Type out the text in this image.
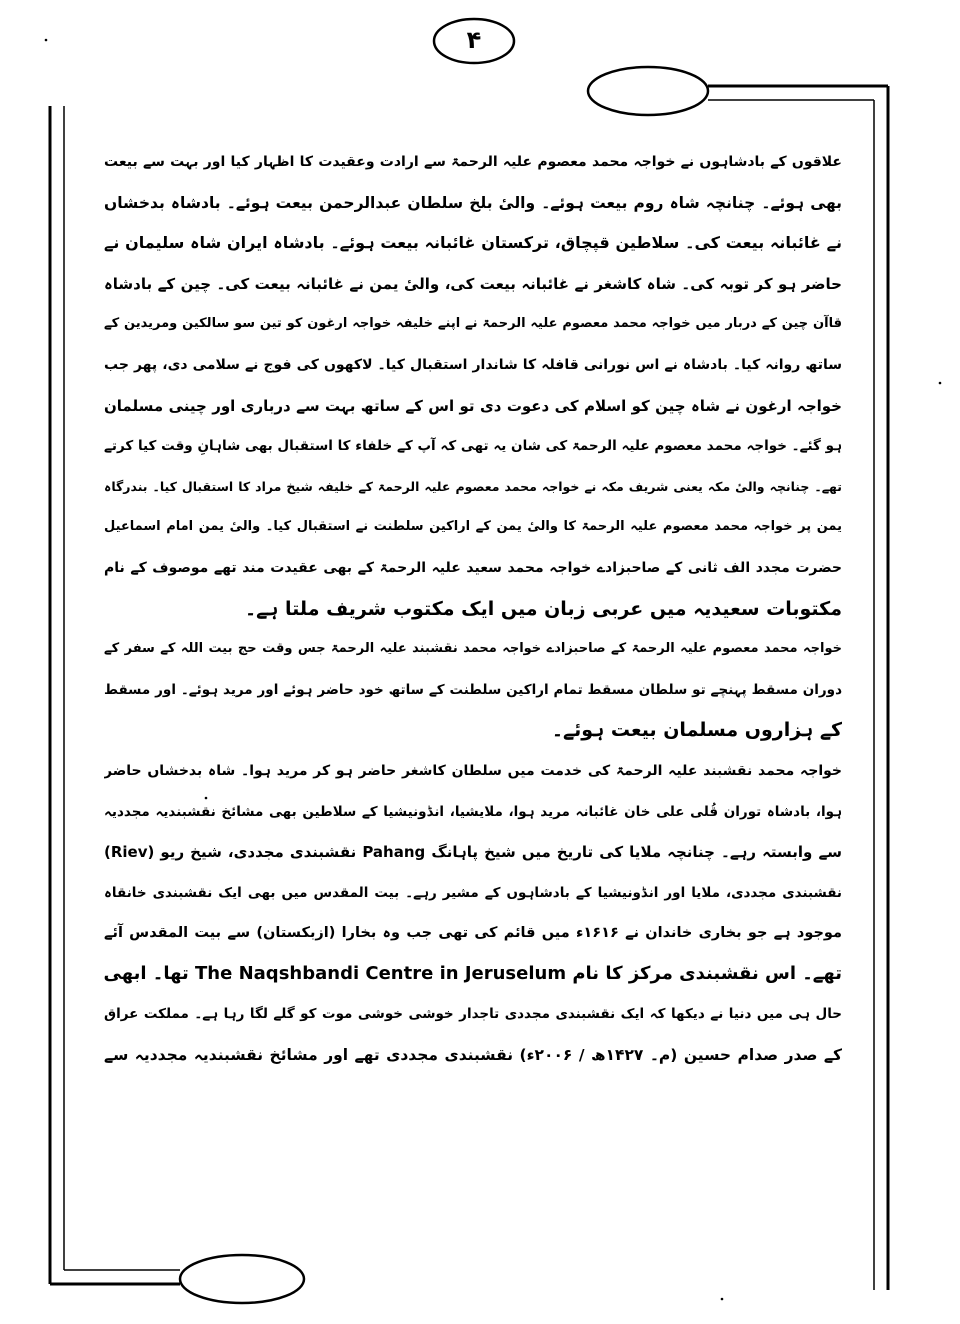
۴
علاقوں کے بادشاہوں نے خواجہ محمد معصوم علیہ الرحمۃ سے ارادت وعقیدت کا اظہار کیا اور بہت سے بیعت
بھی ہوئے۔ چنانچہ شاہ روم بیعت ہوئے۔ والیٔ بلخ سلطان عبدالرحمن بیعت ہوئے۔ بادشاہ بدخشاں
نے غائبانہ بیعت کی۔ سلاطین قپچاق، ترکستان غائبانہ بیعت ہوئے۔ بادشاہ ایران شاہ سلیمان نے
حاضر ہو کر توبہ کی۔ شاہ کاشغر نے غائبانہ بیعت کی، والیٔ یمن نے غائبانہ بیعت کی۔ چین کے بادشاہ
قاآن چین کے دربار میں خواجہ محمد معصوم علیہ الرحمۃ نے اپنے خلیفہ خواجہ ارغون کو تین سو سالکین ومریدین کے
ساتھ روانہ کیا۔ بادشاہ نے اس نورانی قافلہ کا شاندار استقبال کیا۔ لاکھوں کی فوج نے سلامی دی، پھر جب
خواجہ ارغون نے شاہ چین کو اسلام کی دعوت دی تو اس کے ساتھ بہت سے درباری اور چینی مسلمان
ہو گئے۔ خواجہ محمد معصوم علیہ الرحمۃ کی شان یہ تھی کہ آپ کے خلفاء کا استقبال بھی شاہانِ وقت کیا کرتے
تھے۔ چنانچہ والیٔ مکہ یعنی شریف مکہ نے خواجہ محمد معصوم علیہ الرحمۃ کے خلیفہ شیخ مراد کا استقبال کیا۔ بندرگاہ
یمن پر خواجہ محمد معصوم علیہ الرحمۃ کا والیٔ یمن کے اراکین سلطنت نے استقبال کیا۔ والیٔ یمن امام اسماعیل
حضرت مجدد الف ثانی کے صاحبزادے خواجہ محمد سعید علیہ الرحمۃ کے بھی عقیدت مند تھے موصوف کے نام
مکتوبات سعیدیہ میں عربی زبان میں ایک مکتوب شریف ملتا ہے۔
خواجہ محمد معصوم علیہ الرحمۃ کے صاحبزادے خواجہ محمد نقشبند علیہ الرحمۃ جس وقت حج بیت اللہ کے سفر کے
دوران مسقط پہنچے تو سلطان مسقط تمام اراکین سلطنت کے ساتھ خود حاضر ہوئے اور مرید ہوئے۔ اور مسقط
کے ہزاروں مسلمان بیعت ہوئے۔
خواجہ محمد نقشبند علیہ الرحمۃ کی خدمت میں سلطان کاشغر حاضر ہو کر مرید ہوا۔ شاہ بدخشاں حاضر
ہوا، بادشاہ توران قُلی علی خان غائبانہ مرید ہوا، ملایشیا، انڈونیشیا کے سلاطین بھی مشائخ نقشبندیہ مجددیہ
سے وابستہ رہے۔ چنانچہ ملایا کی تاریخ میں شیخ پاہانگ Pahang نقشبندی مجددی، شیخ ریو (Riev)
نقشبندی مجددی، ملایا اور انڈونیشیا کے بادشاہوں کے مشیر رہے۔ بیت المقدس میں بھی ایک نقشبندی خانقاہ
موجود ہے جو بخاری خاندان نے ۱۶۱۶ء میں قائم کی تھی جب وہ بخارا (ازبکستان) سے بیت المقدس آئے
تھے۔ اس نقشبندی مرکز کا نام The Naqshbandi Centre in Jeruselum تھا۔ ابھی
حال ہی میں دنیا نے دیکھا کہ ایک نقشبندی مجددی تاجدار خوشی خوشی موت کو گلے لگا رہا ہے۔ مملکت عراق
کے صدر صدام حسین (م۔ ۱۴۲۷ھ / ۲۰۰۶ء) نقشبندی مجددی تھے اور مشائخ نقشبندیہ مجددیہ سے
